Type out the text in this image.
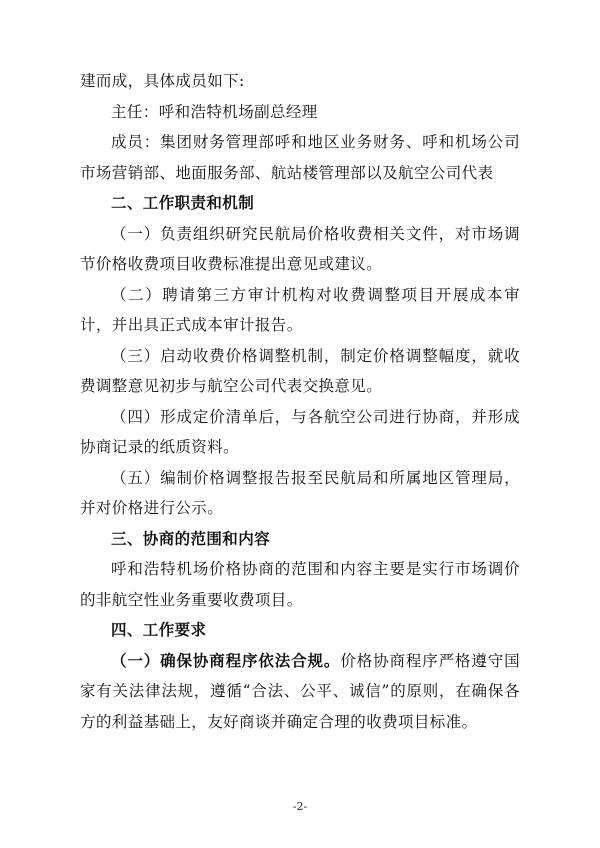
建而成，具体成员如下:

主任：呼和浩特机场副总经理

成员：集团财务管理部呼和地区业务财务、呼和机场公司市场营销部、地面服务部、航站楼管理部以及航空公司代表

二、工作职责和机制

（一）负责组织研究民航局价格收费相关文件，对市场调节价格收费项目收费标准提出意见或建议。

（二）聘请第三方审计机构对收费调整项目开展成本审计，并出具正式成本审计报告。

（三）启动收费价格调整机制，制定价格调整幅度，就收费调整意见初步与航空公司代表交换意见。

（四）形成定价清单后，与各航空公司进行协商，并形成协商记录的纸质资料。

（五）编制价格调整报告报至民航局和所属地区管理局，并对价格进行公示。

三、协商的范围和内容

呼和浩特机场价格协商的范围和内容主要是实行市场调价的非航空性业务重要收费项目。

四、工作要求

（一）确保协商程序依法合规。价格协商程序严格遵守国家有关法律法规，遵循“合法、公平、诚信”的原则，在确保各方的利益基础上，友好商谈并确定合理的收费项目标准。

-2-
